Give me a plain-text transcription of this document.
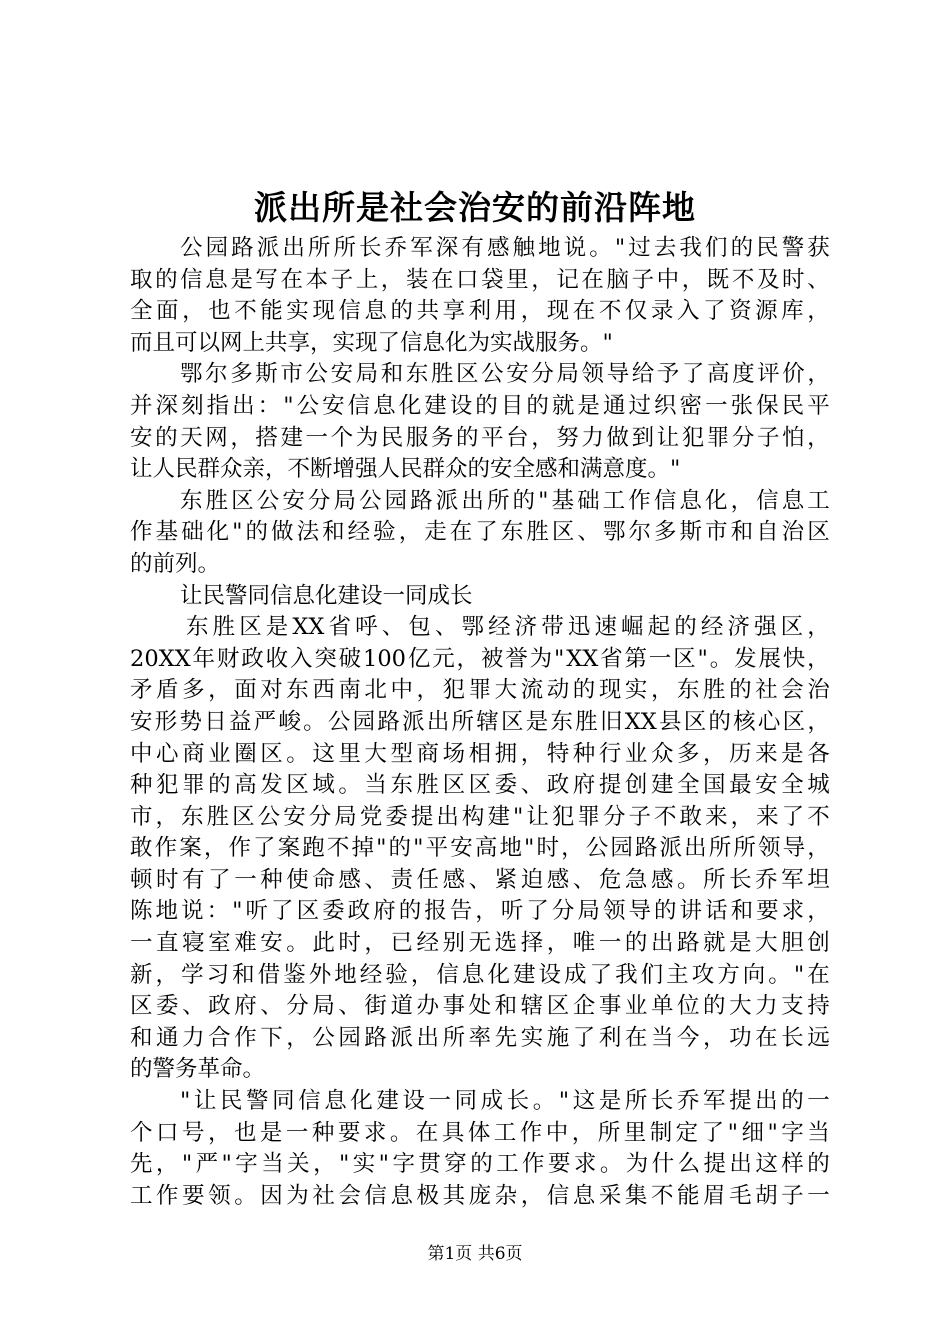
派出所是社会治安的前沿阵地
公 园 路 派 出 所 所 长 乔 军 深 有 感 触 地 说 。 " 过 去 我 们 的 民 警 获
取 的 信 息 是 写 在 本 子 上 ， 装 在 口 袋 里 ， 记 在 脑 子 中 ， 既 不 及 时 、
全 面 ， 也 不 能 实 现 信 息 的 共 享 利 用 ， 现 在 不 仅 录 入 了 资 源 库 ，
而且可以网上共享，实现了信息化为实战服务。"
鄂 尔 多 斯 市 公 安 局 和 东 胜 区 公 安 分 局 领 导 给 予 了 高 度 评 价 ，
并 深 刻 指 出 ： " 公 安 信 息 化 建 设 的 目 的 就 是 通 过 织 密 一 张 保 民 平
安 的 天 网 ， 搭 建 一 个 为 民 服 务 的 平 台 ， 努 力 做 到 让 犯 罪 分 子 怕 ，
让人民群众亲，不断增强人民群众的安全感和满意度。"
东 胜 区 公 安 分 局 公 园 路 派 出 所 的 " 基 础 工 作 信 息 化 ， 信 息 工
作 基 础 化 " 的 做 法 和 经 验 ， 走 在 了 东 胜 区 、 鄂 尔 多 斯 市 和 自 治 区
的前列。
让民警同信息化建设一同成长
东 胜 区 是 XX 省 呼 、 包 、 鄂 经 济 带 迅 速 崛 起 的 经 济 强 区 ，
20XX 年 财 政 收 入 突 破 100 亿 元 ， 被 誉 为 " XX 省 第 一 区 " 。 发 展 快 ，
矛 盾 多 ， 面 对 东 西 南 北 中 ， 犯 罪 大 流 动 的 现 实 ， 东 胜 的 社 会 治
安 形 势 日 益 严 峻 。 公 园 路 派 出 所 辖 区 是 东 胜 旧 XX 县 区 的 核 心 区 ，
中 心 商 业 圈 区 。 这 里 大 型 商 场 相 拥 ， 特 种 行 业 众 多 ， 历 来 是 各
种 犯 罪 的 高 发 区 域 。 当 东 胜 区 区 委 、 政 府 提 创 建 全 国 最 安 全 城
市 ， 东 胜 区 公 安 分 局 党 委 提 出 构 建 " 让 犯 罪 分 子 不 敢 来 ， 来 了 不
敢 作 案 ， 作 了 案 跑 不 掉 " 的 " 平 安 高 地 " 时 ， 公 园 路 派 出 所 所 领 导 ，
顿 时 有 了 一 种 使 命 感 、 责 任 感 、 紧 迫 感 、 危 急 感 。 所 长 乔 军 坦
陈 地 说 ： " 听 了 区 委 政 府 的 报 告 ， 听 了 分 局 领 导 的 讲 话 和 要 求 ，
一 直 寝 室 难 安 。 此 时 ， 已 经 别 无 选 择 ， 唯 一 的 出 路 就 是 大 胆 创
新 ， 学 习 和 借 鉴 外 地 经 验 ， 信 息 化 建 设 成 了 我 们 主 攻 方 向 。 " 在
区 委 、 政 府 、 分 局 、 街 道 办 事 处 和 辖 区 企 事 业 单 位 的 大 力 支 持
和 通 力 合 作 下 ， 公 园 路 派 出 所 率 先 实 施 了 利 在 当 今 ， 功 在 长 远
的警务革命。
" 让 民 警 同 信 息 化 建 设 一 同 成 长 。 " 这 是 所 长 乔 军 提 出 的 一
个 口 号 ， 也 是 一 种 要 求 。 在 具 体 工 作 中 ， 所 里 制 定 了 " 细 " 字 当
先 ， " 严 " 字 当 关 ， " 实 " 字 贯 穿 的 工 作 要 求 。 为 什 么 提 出 这 样 的
工 作 要 领 。 因 为 社 会 信 息 极 其 庞 杂 ， 信 息 采 集 不 能 眉 毛 胡 子 一
第1页 共6页
